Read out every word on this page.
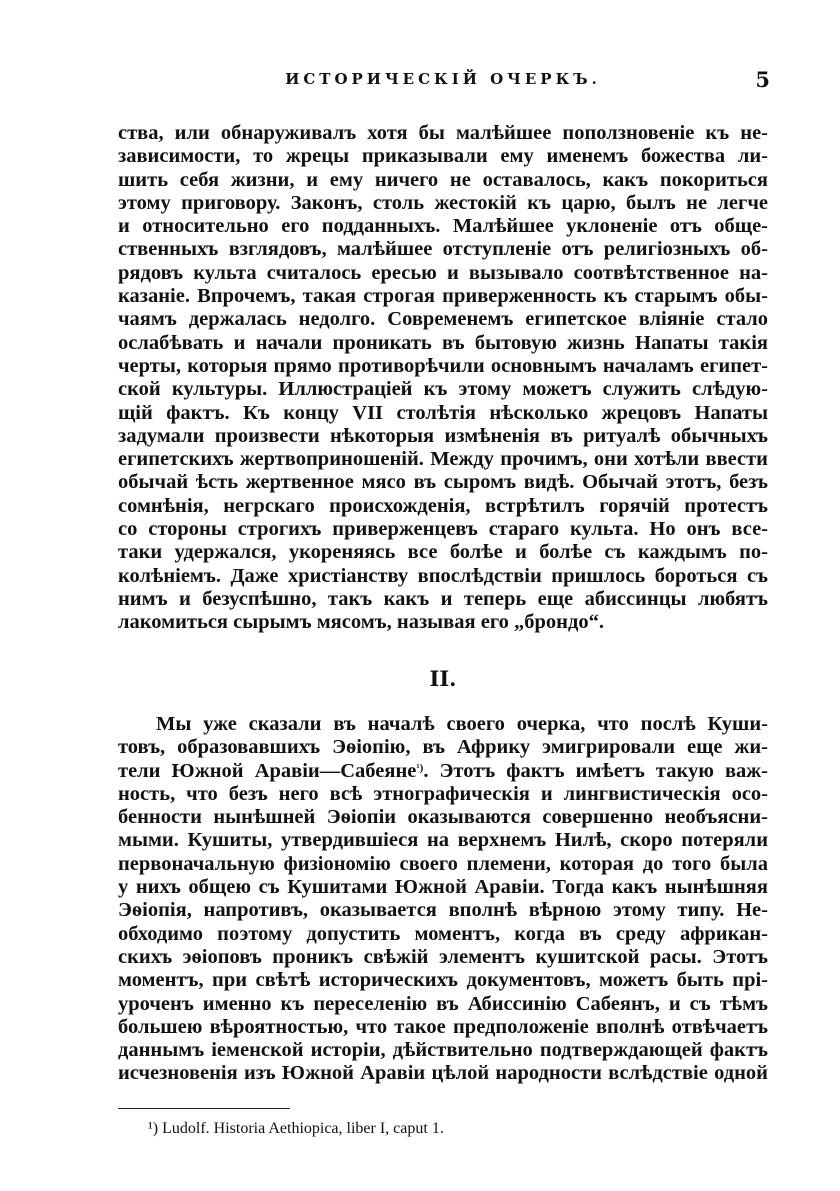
ИСТОРИЧЕСКІЙ ОЧЕРКЪ.	5
ства, или обнаруживалъ хотя бы малѣйшее поползновеніе къ не-
зависимости, то жрецы приказывали ему именемъ божества ли-
шить себя жизни, и ему ничего не оставалось, какъ покориться
этому приговору. Законъ, столь жестокій къ царю, былъ не легче
и относительно его подданныхъ. Малѣйшее уклоненіе отъ обще-
ственныхъ взглядовъ, малѣйшее отступленіе отъ религіозныхъ об-
рядовъ культа считалось ересью и вызывало соотвѣтственное на-
казаніе. Впрочемъ, такая строгая приверженность къ старымъ обы-
чаямъ держалась недолго. Современемъ египетское вліяніе стало
ослабѣвать и начали проникать въ бытовую жизнь Напаты такія
черты, которыя прямо противорѣчили основнымъ началамъ египет-
ской культуры. Иллюстраціей къ этому можетъ служить слѣдую-
щій фактъ. Къ концу VII столѣтія нѣсколько жрецовъ Напаты
задумали произвести нѣкоторыя измѣненія въ ритуалѣ обычныхъ
египетскихъ жертвоприношеній. Между прочимъ, они хотѣли ввести
обычай ѣсть жертвенное мясо въ сыромъ видѣ. Обычай этотъ, безъ
сомнѣнія, негрскаго происхожденія, встрѣтилъ горячій протестъ
со стороны строгихъ приверженцевъ стараго культа. Но онъ все-
таки удержался, укореняясь все болѣе и болѣе съ каждымъ по-
колѣніемъ. Даже христіанству впослѣдствіи пришлось бороться съ
нимъ и безуспѣшно, такъ какъ и теперь еще абиссинцы любятъ
лакомиться сырымъ мясомъ, называя его „брондо“.
II.
Мы уже сказали въ началѣ своего очерка, что послѣ Куши-
товъ, образовавшихъ Эѳіопію, въ Африку эмигрировали еще жи-
тели Южной Аравіи—Сабеяне$^{^1)}$. Этотъ фактъ имѣетъ такую важ-
ность, что безъ него всѣ этнографическія и лингвистическія осо-
бенности нынѣшней Эѳіопіи оказываются совершенно необъясни-
мыми. Кушиты, утвердившіеся на верхнемъ Нилѣ, скоро потеряли
первоначальную физіономію своего племени, которая до того была
у нихъ общею съ Кушитами Южной Аравіи. Тогда какъ нынѣшняя
Эѳіопія, напротивъ, оказывается вполнѣ вѣрною этому типу. Не-
обходимо поэтому допустить моментъ, когда въ среду африкан-
скихъ эѳіоповъ проникъ свѣжій элементъ кушитской расы. Этотъ
моментъ, при свѣтѣ историческихъ документовъ, можетъ быть пpi-
уроченъ именно къ переселенію въ Абиссинію Сабеянъ, и съ тѣмъ
большею вѣроятностью, что такое предположеніе вполнѣ отвѣчаетъ
даннымъ іеменской исторіи, дѣйствительно подтверждающей фактъ
исчезновенія изъ Южной Аравіи цѣлой народности вслѣдствіе одной
¹) Ludolf. Historia Aethiopica, liber I, caput 1.
